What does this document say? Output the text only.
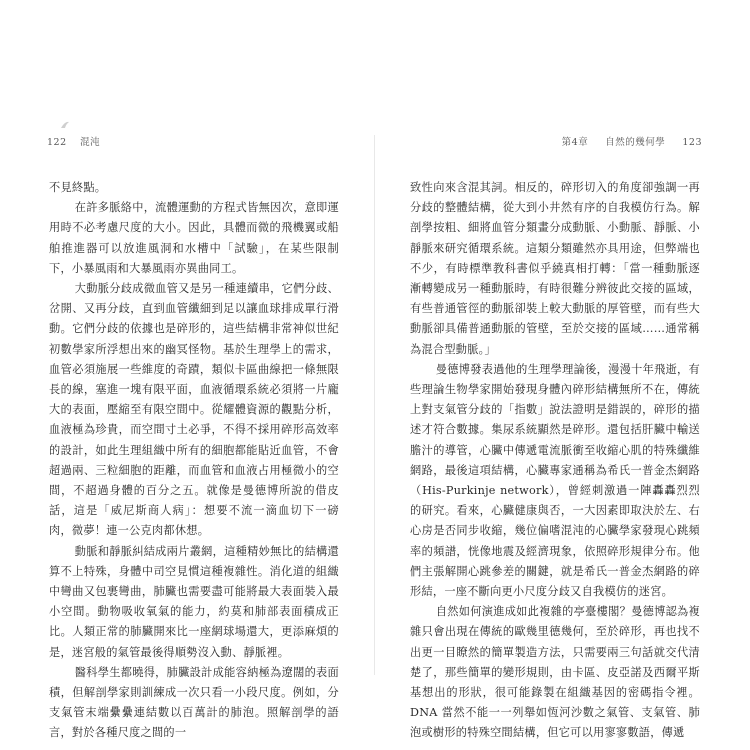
122 混沌	第4章 自然的幾何學 123

不見終點。

在許多脈絡中，流體運動的方程式皆無因次，意即運用時不必考慮尺度的大小。因此，具體而微的飛機翼或船舶推進器可以放進風洞和水槽中「試驗」，在某些限制下，小暴風雨和大暴風雨亦異曲同工。

大動脈分歧成微血管又是另一種連續串，它們分歧、岔開、又再分歧，直到血管纖細到足以讓血球排成單行滑動。它們分歧的依據也是碎形的，這些結構非常神似世紀初數學家所浮想出來的幽冥怪物。基於生理學上的需求，血管必須施展一些維度的奇蹟，類似卡區曲線把一條無限長的線，塞進一塊有限平面，血液循環系統必須將一片龐大的表面，壓縮至有限空間中。從耀體資源的觀點分析，血液極為珍貴，而空間寸土必爭，不得不採用碎形高效率的設計，如此生理組織中所有的細胞都能貼近血管，不會超過兩、三粒細胞的距離，而血管和血液占用極微小的空間，不超過身體的百分之五。就像是曼德博所說的借皮話，這是「威尼斯商人病」：想要不流一滴血切下一磅肉，微夢！連一公克肉都休想。

動脈和靜脈糾結成兩片叢網，這種精妙無比的結構還算不上特殊，身體中司空見慣這種複雜性。消化道的組織中彎曲又包裹彎曲，肺臟也需要盡可能將最大表面裝入最小空間。動物吸收氧氣的能力，約莫和肺部表面積成正比。人類正常的肺臟開來比一座網球場還大，更添麻煩的是，迷宮般的氣管最後得順勢沒入動、靜脈裡。

醫科學生都曉得，肺臟設計成能容納極為遼闊的表面積，但解剖學家則訓練成一次只看一小段尺度。例如，分支氣管末端纍纍連結數以百萬計的肺泡。照解剖學的語言，對於各種尺度之間的一

致性向來含混其詞。相反的，碎形切入的角度卻強調一再分歧的整體結構，從大到小井然有序的自我模仿行為。解剖學按粗、細將血管分類畫分成動脈、小動脈、靜脈、小靜脈來研究循環系統。這類分類雖然亦具用途，但弊端也不少，有時標準教科書似乎繞真相打轉：「當一種動脈逐漸轉變成另一種動脈時，有時很難分辨彼此交接的區域，有些普通管徑的動脈卻裝上較大動脈的厚管壁，而有些大動脈卻具備普通動脈的管壁，至於交接的區域……通常稱為混合型動脈。」

曼德博發表過他的生理學理論後，漫漫十年飛逝，有些理論生物學家開始發現身體內碎形結構無所不在，傳統上對支氣管分歧的「指數」說法證明是錯誤的，碎形的描述才符合數據。集尿系統顯然是碎形。還包括肝臟中輸送膽汁的導管，心臟中傳遞電流脈衝至收縮心肌的特殊纖維網路，最後這項結構，心臟專家通稱為希氏一普金杰網路（His-Purkinje network），曾經刺激過一陣轟轟烈烈的研究。看來，心臟健康與否，一大因素即取決於左、右心房是否同步收縮，幾位偏嗜混沌的心臟學家發現心跳頻率的頻譜，恍像地震及經濟現象，依照碎形規律分布。他們主張解開心跳參差的關鍵，就是希氏一普金杰網路的碎形結，一座不斷向更小尺度分歧又自我模仿的迷宮。

自然如何演進成如此複雜的亭臺樓閣？曼德博認為複雜只會出現在傳統的歐幾里德幾何，至於碎形，再也找不出更一目瞭然的簡單製造方法，只需要兩三句話就交代清楚了，那些簡單的變形規則，由卡區、皮亞諾及西爾平斯基想出的形狀，很可能錄製在組織基因的密碼指令裡。DNA 當然不能一一列舉如恆河沙數之氣管、支氣管、肺泡或樹形的特殊空間結構，但它可以用寥寥數語，傳遞
